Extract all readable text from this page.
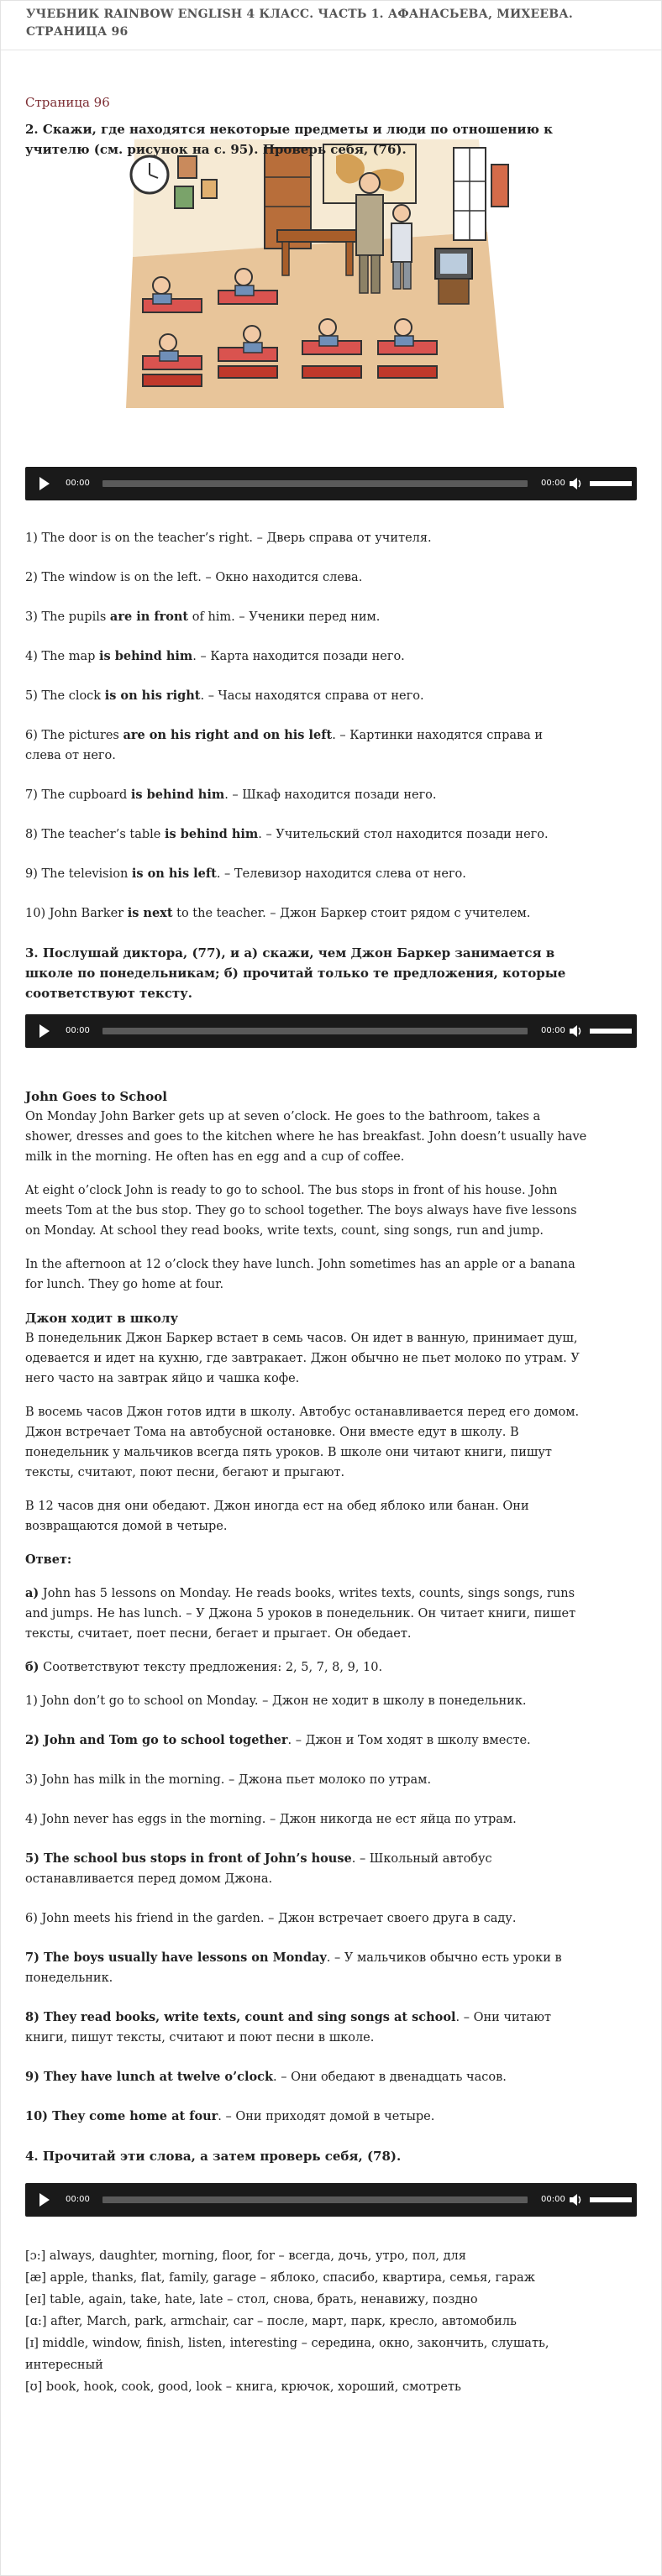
УЧЕБНИК RAINBOW ENGLISH 4 КЛАСС. ЧАСТЬ 1. АФАНАСЬЕВА, МИХЕЕВА.
СТРАНИЦА 96

Страница 96

2. Скажи, где находятся некоторые предметы и люди по отношению к
учителю (см. рисунок на с. 95). Проверь себя, (76).

00:00	00:00

1) The door is on the teacher’s right. – Дверь справа от учителя.

2) The window is on the left. – Окно находится слева.

3) The pupils are in front of him. – Ученики перед ним.

4) The map is behind him. – Карта находится позади него.

5) The clock is on his right. – Часы находятся справа от него.

6) The pictures are on his right and on his left. – Картинки находятся справа и
слева от него.

7) The cupboard is behind him. – Шкаф находится позади него.

8) The teacher’s table is behind him. – Учительский стол находится позади него.

9) The television is on his left. – Телевизор находится слева от него.

10) John Barker is next to the teacher. – Джон Баркер стоит рядом с учителем.

3. Послушай диктора, (77), и а) скажи, чем Джон Баркер занимается в
школе по понедельникам; б) прочитай только те предложения, которые
соответствуют тексту.

00:00	00:00

John Goes to School

On Monday John Barker gets up at seven o’clock. He goes to the bathroom, takes a
shower, dresses and goes to the kitchen where he has breakfast. John doesn’t usually have
milk in the morning. He often has en egg and a cup of coffee.

At eight o’clock John is ready to go to school. The bus stops in front of his house. John
meets Tom at the bus stop. They go to school together. The boys always have five lessons
on Monday. At school they read books, write texts, count, sing songs, run and jump.

In the afternoon at 12 o’clock they have lunch. John sometimes has an apple or a banana
for lunch. They go home at four.

Джон ходит в школу

В понедельник Джон Баркер встает в семь часов. Он идет в ванную, принимает душ,
одевается и идет на кухню, где завтракает. Джон обычно не пьет молоко по утрам. У
него часто на завтрак яйцо и чашка кофе.

В восемь часов Джон готов идти в школу. Автобус останавливается перед его домом.
Джон встречает Тома на автобусной остановке. Они вместе едут в школу. В
понедельник у мальчиков всегда пять уроков. В школе они читают книги, пишут
тексты, считают, поют песни, бегают и прыгают.

В 12 часов дня они обедают. Джон иногда ест на обед яблоко или банан. Они
возвращаются домой в четыре.

Ответ:

а) John has 5 lessons on Monday. He reads books, writes texts, counts, sings songs, runs
and jumps. He has lunch. – У Джона 5 уроков в понедельник. Он читает книги, пишет
тексты, считает, поет песни, бегает и прыгает. Он обедает.

б) Соответствуют тексту предложения: 2, 5, 7, 8, 9, 10.

1) John don’t go to school on Monday. – Джон не ходит в школу в понедельник.

2) John and Tom go to school together. – Джон и Том ходят в школу вместе.

3) John has milk in the morning. – Джона пьет молоко по утрам.

4) John never has eggs in the morning. – Джон никогда не ест яйца по утрам.

5) The school bus stops in front of John’s house. – Школьный автобус
останавливается перед домом Джона.

6) John meets his friend in the garden. – Джон встречает своего друга в саду.

7) The boys usually have lessons on Monday. – У мальчиков обычно есть уроки в
понедельник.

8) They read books, write texts, count and sing songs at school. – Они читают
книги, пишут тексты, считают и поют песни в школе.

9) They have lunch at twelve o’clock. – Они обедают в двенадцать часов.

10) They come home at four. – Они приходят домой в четыре.

4. Прочитай эти слова, а затем проверь себя, (78).

00:00	00:00
[ɔ:] always, daughter, morning, floor, for – всегда, дочь, утро, пол, для
[æ] apple, thanks, flat, family, garage – яблоко, спасибо, квартира, семья, гараж
[eɪ] table, again, take, hate, late – стол, снова, брать, ненавижу, поздно
[ɑ:] after, March, park, armchair, car – после, март, парк, кресло, автомобиль
[ɪ] middle, window, finish, listen, interesting – середина, окно, закончить, слушать,
интересный
[ʊ] book, hook, cook, good, look – книга, крючок, хороший, смотреть
